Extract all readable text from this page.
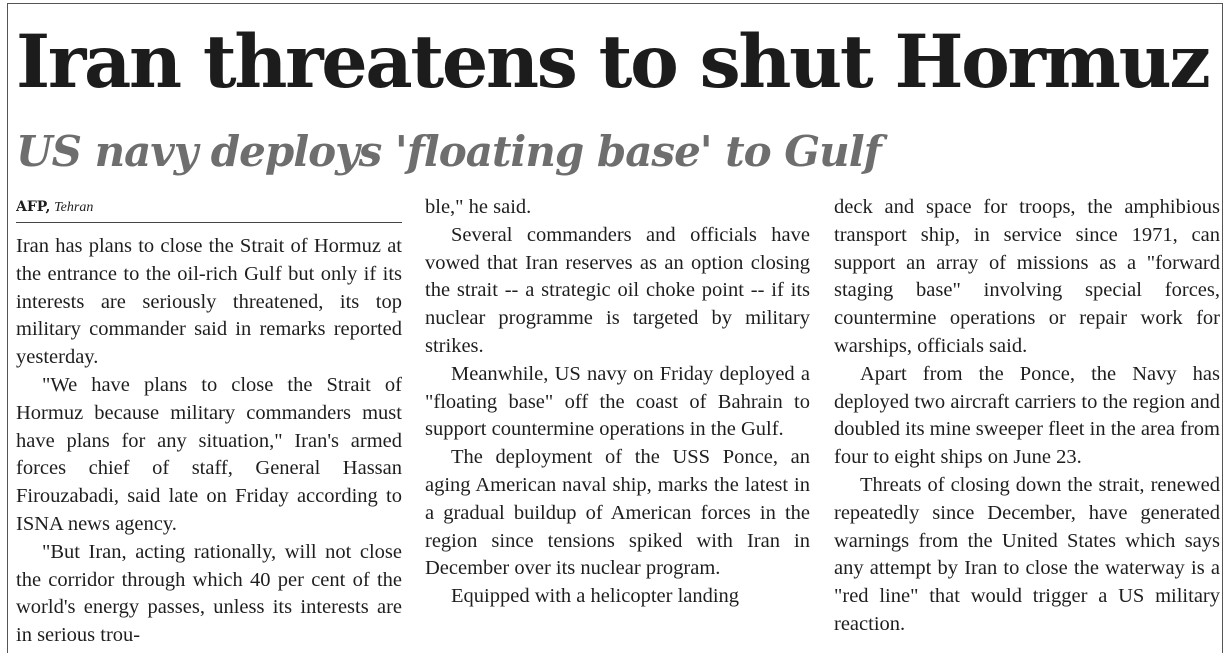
Iran threatens to shut Hormuz
US navy deploys 'floating base' to Gulf
AFP, Tehran

Iran has plans to close the Strait of Hormuz at the entrance to the oil-rich Gulf but only if its interests are seriously threatened, its top military commander said in remarks reported yesterday.

"We have plans to close the Strait of Hormuz because military commanders must have plans for any situation," Iran's armed forces chief of staff, General Hassan Firouzabadi, said late on Friday according to ISNA news agency.

"But Iran, acting rationally, will not close the corridor through which 40 per cent of the world's energy passes, unless its interests are in serious trou-

ble," he said.

Several commanders and officials have vowed that Iran reserves as an option closing the strait -- a strategic oil choke point -- if its nuclear programme is targeted by military strikes.

Meanwhile, US navy on Friday deployed a "floating base" off the coast of Bahrain to support countermine operations in the Gulf.

The deployment of the USS Ponce, an aging American naval ship, marks the latest in a gradual buildup of American forces in the region since tensions spiked with Iran in December over its nuclear program.

Equipped with a helicopter landing

deck and space for troops, the amphibious transport ship, in service since 1971, can support an array of missions as a "forward staging base" involving special forces, countermine operations or repair work for warships, officials said.

Apart from the Ponce, the Navy has deployed two aircraft carriers to the region and doubled its mine sweeper fleet in the area from four to eight ships on June 23.

Threats of closing down the strait, renewed repeatedly since December, have generated warnings from the United States which says any attempt by Iran to close the waterway is a "red line" that would trigger a US military reaction.
